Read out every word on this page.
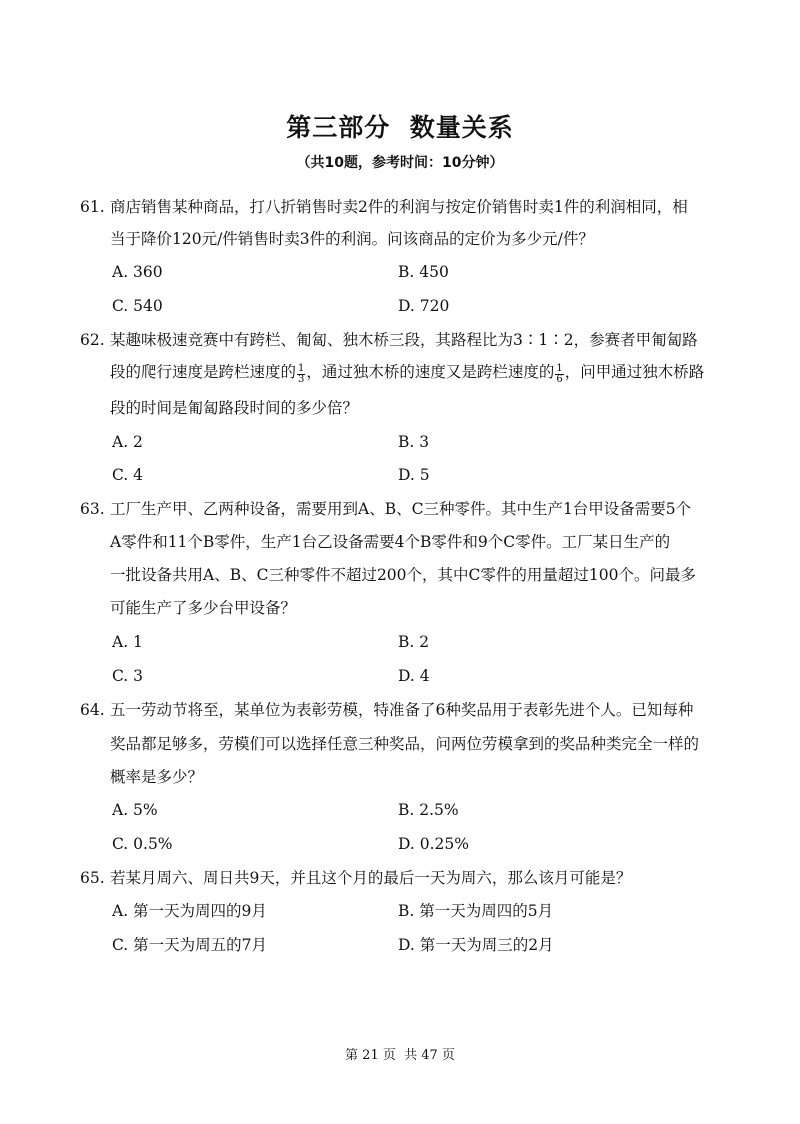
第三部分  数量关系
（共10题，参考时间：10分钟）
61. 商店销售某种商品，打八折销售时卖2件的利润与按定价销售时卖1件的利润相同，相
当于降价120元/件销售时卖3件的利润。问该商品的定价为多少元/件？
A. 360	B. 450
C. 540	D. 720
62. 某趣味极速竞赛中有跨栏、匍匐、独木桥三段，其路程比为3∶1∶2，参赛者甲匍匐路
段的爬行速度是跨栏速度的 $\frac{1}{3}$ ，通过独木桥的速度又是跨栏速度的 $\frac{1}{6}$ ，问甲通过独木桥路
段的时间是匍匐路段时间的多少倍？
A. 2	B. 3
C. 4	D. 5
63. 工厂生产甲、乙两种设备，需要用到A、B、C三种零件。其中生产1台甲设备需要5个
A零件和11个B零件，生产1台乙设备需要4个B零件和9个C零件。工厂某日生产的
一批设备共用A、B、C三种零件不超过200个，其中C零件的用量超过100个。问最多
可能生产了多少台甲设备？
A. 1	B. 2
C. 3	D. 4
64. 五一劳动节将至，某单位为表彰劳模，特准备了6种奖品用于表彰先进个人。已知每种
奖品都足够多，劳模们可以选择任意三种奖品，问两位劳模拿到的奖品种类完全一样的
概率是多少？
A. 5%	B. 2.5%
C. 0.5%	D. 0.25%
65. 若某月周六、周日共9天，并且这个月的最后一天为周六，那么该月可能是？
A. 第一天为周四的9月	B. 第一天为周四的5月
C. 第一天为周五的7月	D. 第一天为周三的2月
第 21 页  共 47 页
